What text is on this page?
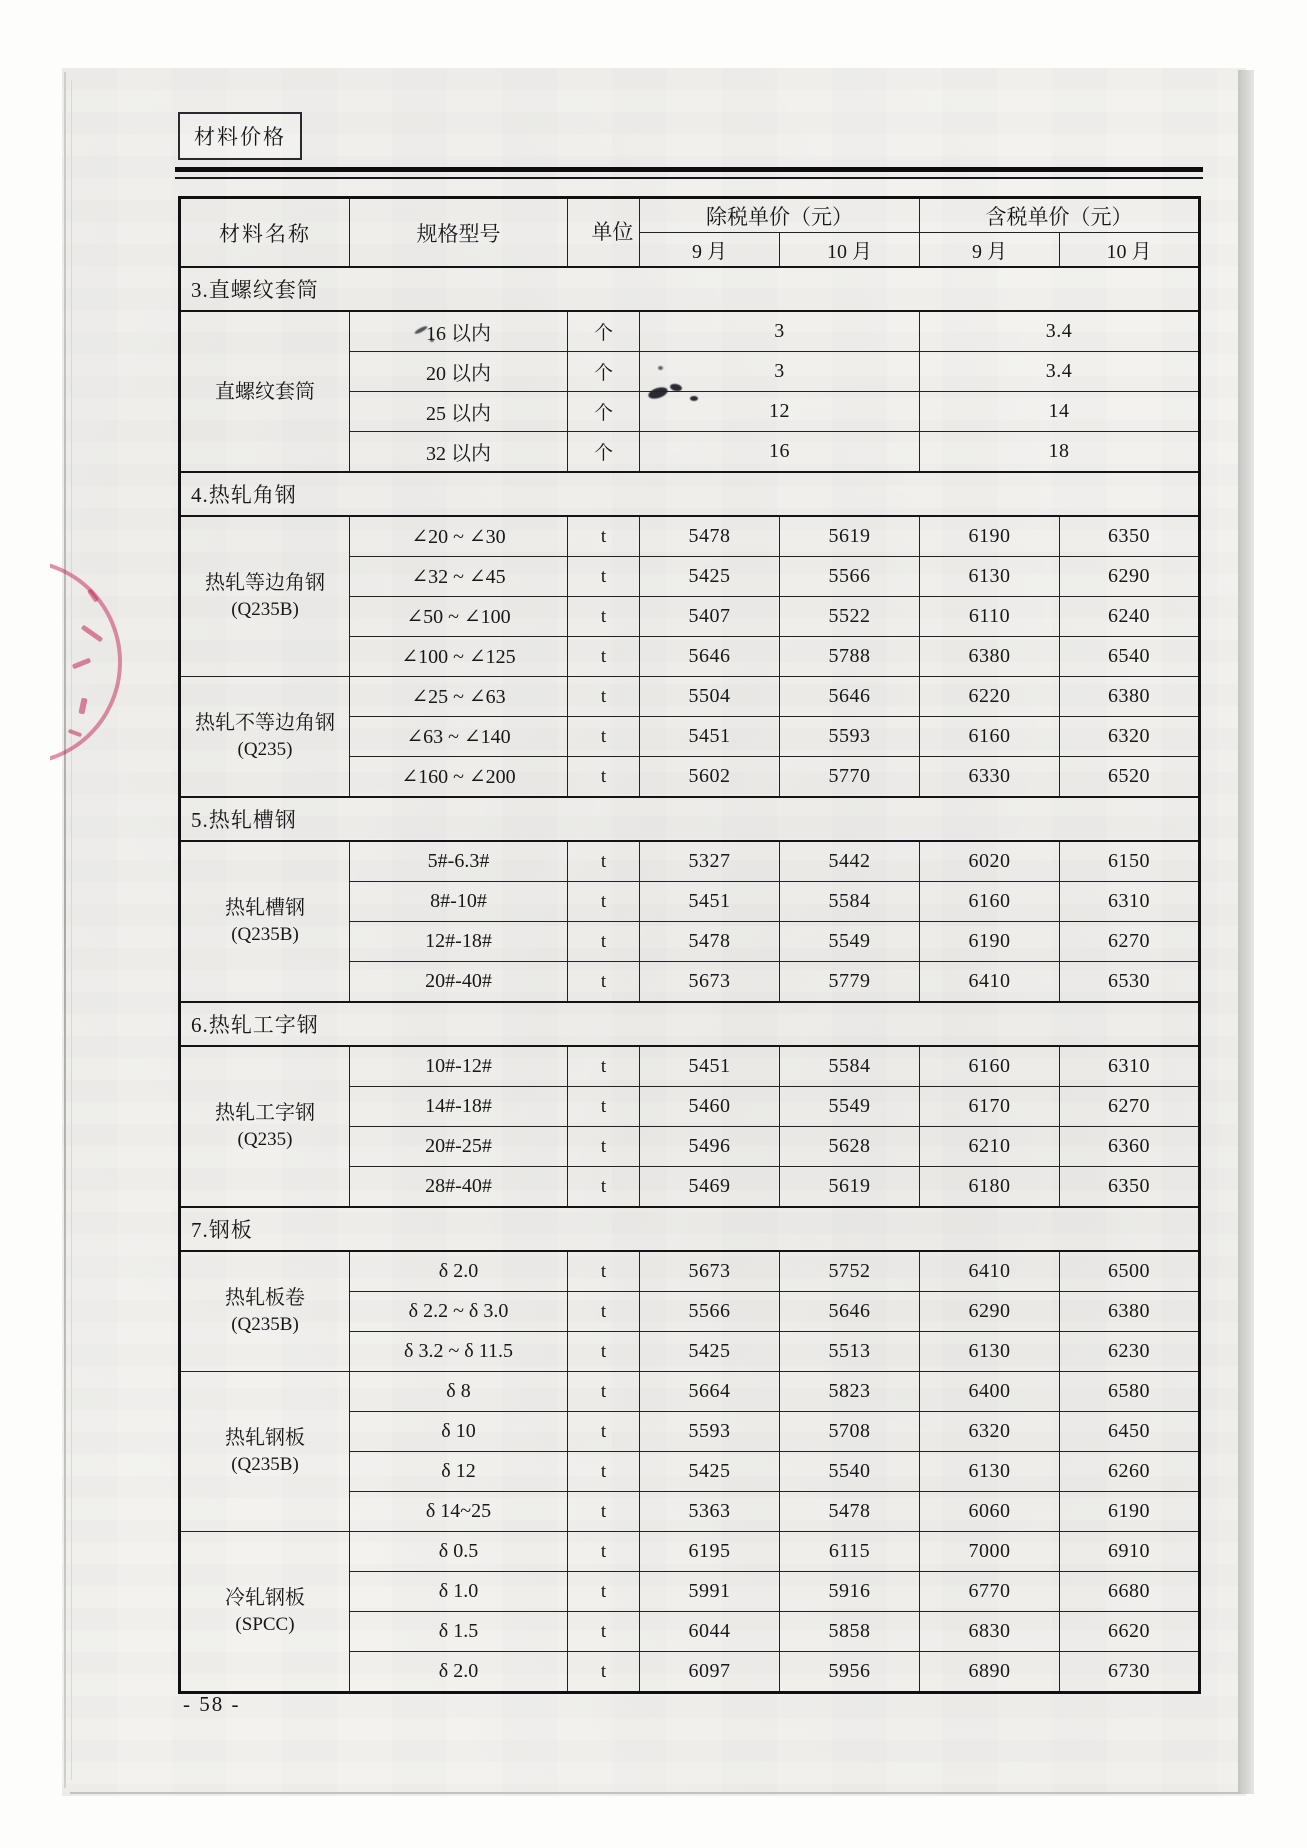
材料价格
材料名称	规格型号	单位	除税单价（元）		含税单价（元）	
			9 月	10 月	9 月	10 月
3.直螺纹套筒						
直螺纹套筒	16 以内	个	3		3.4	
	20 以内	个	3		3.4	
	25 以内	个	12		14	
	32 以内	个	16		18	
4.热轧角钢						

热轧等边角钢
(Q235B)	∠20 ~ ∠30	t	5478	5619	6190	6350
	∠32 ~ ∠45	t	5425	5566	6130	6290
	∠50 ~ ∠100	t	5407	5522	6110	6240
	∠100 ~ ∠125	t	5646	5788	6380	6540

热轧不等边角钢
(Q235)	∠25 ~ ∠63	t	5504	5646	6220	6380
	∠63 ~ ∠140	t	5451	5593	6160	6320
	∠160 ~ ∠200	t	5602	5770	6330	6520
5.热轧槽钢						

热轧槽钢
(Q235B)	5#-6.3#	t	5327	5442	6020	6150
	8#-10#	t	5451	5584	6160	6310
	12#-18#	t	5478	5549	6190	6270
	20#-40#	t	5673	5779	6410	6530
6.热轧工字钢						

热轧工字钢
(Q235)	10#-12#	t	5451	5584	6160	6310
	14#-18#	t	5460	5549	6170	6270
	20#-25#	t	5496	5628	6210	6360
	28#-40#	t	5469	5619	6180	6350
7.钢板						

热轧板卷
(Q235B)	δ 2.0	t	5673	5752	6410	6500
	δ 2.2 ~ δ 3.0	t	5566	5646	6290	6380
	δ 3.2 ~ δ 11.5	t	5425	5513	6130	6230

热轧钢板
(Q235B)	δ 8	t	5664	5823	6400	6580
	δ 10	t	5593	5708	6320	6450
	δ 12	t	5425	5540	6130	6260
	δ 14~25	t	5363	5478	6060	6190

冷轧钢板
(SPCC)	δ 0.5	t	6195	6115	7000	6910
	δ 1.0	t	5991	5916	6770	6680
	δ 1.5	t	6044	5858	6830	6620
	δ 2.0	t	6097	5956	6890	6730
- 58 -
